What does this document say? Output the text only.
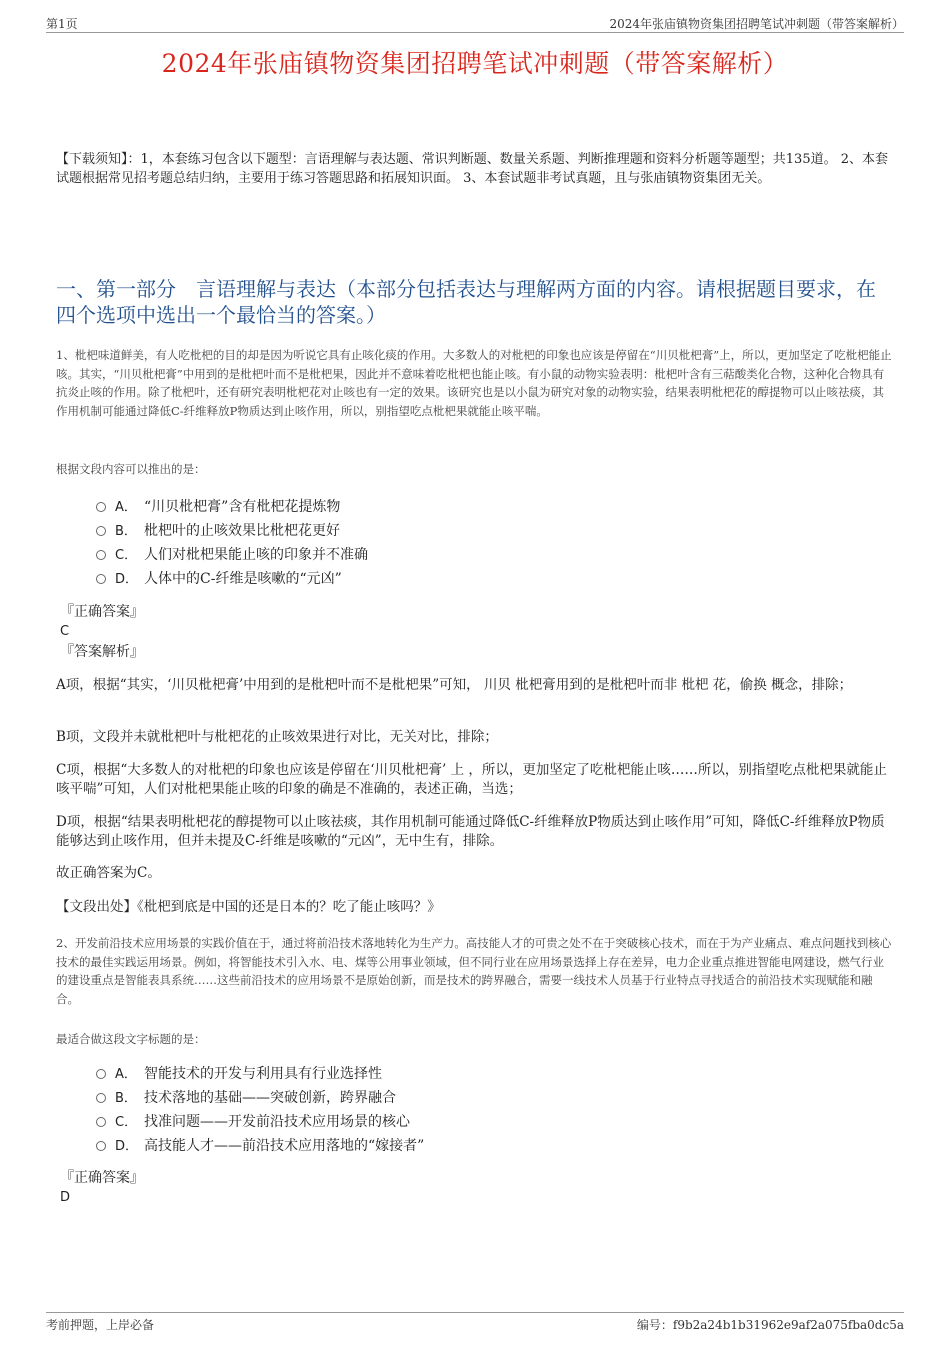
第1页	2024年张庙镇物资集团招聘笔试冲刺题（带答案解析）
2024年张庙镇物资集团招聘笔试冲刺题（带答案解析）
【下载须知】：1，本套练习包含以下题型：言语理解与表达题、常识判断题、数量关系题、判断推理题和资料分析题等题型；共135道。 2、本套试题根据常见招考题总结归纳，主要用于练习答题思路和拓展知识面。 3、本套试题非考试真题，且与张庙镇物资集团无关。
一、第一部分　言语理解与表达（本部分包括表达与理解两方面的内容。请根据题目要求，在四个选项中选出一个最恰当的答案。）
1、枇杷味道鲜美，有人吃枇杷的目的却是因为听说它具有止咳化痰的作用。大多数人的对枇杷的印象也应该是停留在“川贝枇杷膏”上，所以，更加坚定了吃枇杷能止咳。其实，“川贝枇杷膏”中用到的是枇杷叶而不是枇杷果，因此并不意味着吃枇杷也能止咳。有小鼠的动物实验表明：枇杷叶含有三萜酸类化合物，这种化合物具有抗炎止咳的作用。除了枇杷叶，还有研究表明枇杷花对止咳也有一定的效果。该研究也是以小鼠为研究对象的动物实验，结果表明枇杷花的醇提物可以止咳祛痰，其作用机制可能通过降低C-纤维释放P物质达到止咳作用，所以，别指望吃点枇杷果就能止咳平喘。
根据文段内容可以推出的是：
A． “川贝枇杷膏”含有枇杷花提炼物
B． 枇杷叶的止咳效果比枇杷花更好
C． 人们对枇杷果能止咳的印象并不准确
D． 人体中的C-纤维是咳嗽的“元凶”
『正确答案』
C
『答案解析』
A项，根据“其实，‘川贝枇杷膏’中用到的是枇杷叶而不是枇杷果”可知， 川贝 枇杷膏用到的是枇杷叶而非 枇杷 花，偷换 概念，排除；
B项，文段并未就枇杷叶与枇杷花的止咳效果进行对比，无关对比，排除；
C项，根据“大多数人的对枇杷的印象也应该是停留在‘川贝枇杷膏’ 上 ，所以，更加坚定了吃枇杷能止咳……所以，别指望吃点枇杷果就能止咳平喘”可知，人们对枇杷果能止咳的印象的确是不准确的，表述正确，当选；
D项，根据“结果表明枇杷花的醇提物可以止咳祛痰，其作用机制可能通过降低C-纤维释放P物质达到止咳作用”可知，降低C-纤维释放P物质能够达到止咳作用，但并未提及C-纤维是咳嗽的“元凶”，无中生有，排除。
故正确答案为C。
【文段出处】《枇杷到底是中国的还是日本的？吃了能止咳吗？》
2、开发前沿技术应用场景的实践价值在于，通过将前沿技术落地转化为生产力。高技能人才的可贵之处不在于突破核心技术，而在于为产业痛点、难点问题找到核心技术的最佳实践运用场景。例如，将智能技术引入水、电、煤等公用事业领域，但不同行业在应用场景选择上存在差异，电力企业重点推进智能电网建设，燃气行业的建设重点是智能表具系统……这些前沿技术的应用场景不是原始创新，而是技术的跨界融合，需要一线技术人员基于行业特点寻找适合的前沿技术实现赋能和融合。
最适合做这段文字标题的是：
A． 智能技术的开发与利用具有行业选择性
B． 技术落地的基础——突破创新，跨界融合
C． 找准问题——开发前沿技术应用场景的核心
D． 高技能人才——前沿技术应用落地的“嫁接者”
『正确答案』
D
考前押题，上岸必备	编号：f9b2a24b1b31962e9af2a075fba0dc5a
